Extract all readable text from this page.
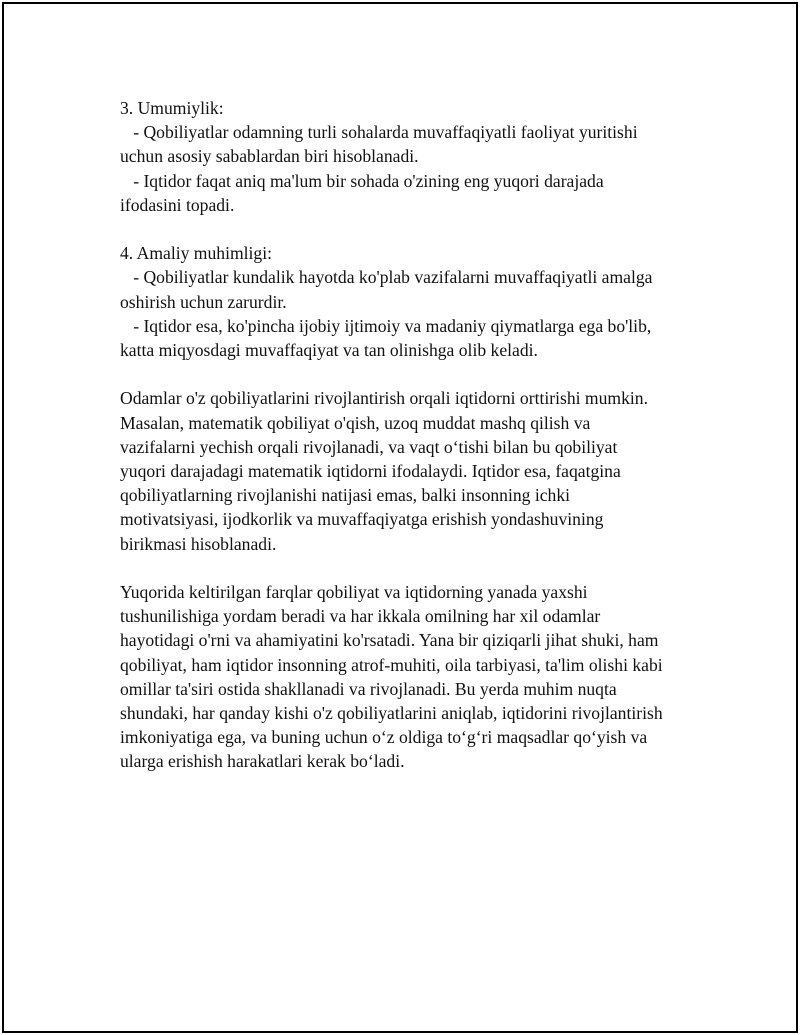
3. Umumiylik:

- Qobiliyatlar odamning turli sohalarda muvaffaqiyatli faoliyat yuritishi

uchun asosiy sabablardan biri hisoblanadi.

- Iqtidor faqat aniq ma'lum bir sohada o'zining eng yuqori darajada

ifodasini topadi.

4. Amaliy muhimligi:

- Qobiliyatlar kundalik hayotda ko'plab vazifalarni muvaffaqiyatli amalga

oshirish uchun zarurdir.

- Iqtidor esa, ko'pincha ijobiy ijtimoiy va madaniy qiymatlarga ega bo'lib,

katta miqyosdagi muvaffaqiyat va tan olinishga olib keladi.

Odamlar o'z qobiliyatlarini rivojlantirish orqali iqtidorni orttirishi mumkin.

Masalan, matematik qobiliyat o'qish, uzoq muddat mashq qilish va

vazifalarni yechish orqali rivojlanadi, va vaqt o‘tishi bilan bu qobiliyat

yuqori darajadagi matematik iqtidorni ifodalaydi. Iqtidor esa, faqatgina

qobiliyatlarning rivojlanishi natijasi emas, balki insonning ichki

motivatsiyasi, ijodkorlik va muvaffaqiyatga erishish yondashuvining

birikmasi hisoblanadi.

Yuqorida keltirilgan farqlar qobiliyat va iqtidorning yanada yaxshi

tushunilishiga yordam beradi va har ikkala omilning har xil odamlar

hayotidagi o'rni va ahamiyatini ko'rsatadi. Yana bir qiziqarli jihat shuki, ham

qobiliyat, ham iqtidor insonning atrof-muhiti, oila tarbiyasi, ta'lim olishi kabi

omillar ta'siri ostida shakllanadi va rivojlanadi. Bu yerda muhim nuqta

shundaki, har qanday kishi o'z qobiliyatlarini aniqlab, iqtidorini rivojlantirish

imkoniyatiga ega, va buning uchun o‘z oldiga to‘g‘ri maqsadlar qo‘yish va

ularga erishish harakatlari kerak bo‘ladi.
